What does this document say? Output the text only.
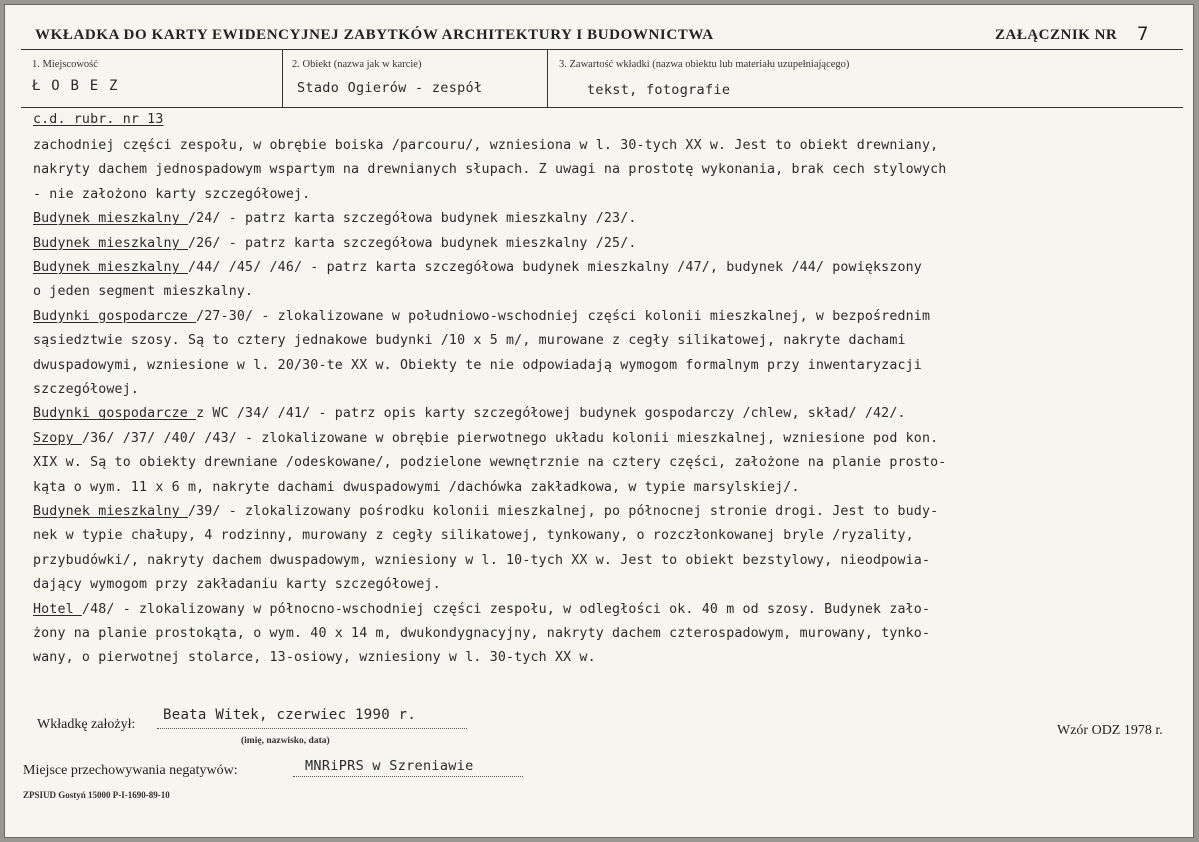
WKŁADKA DO KARTY EWIDENCYJNEJ ZABYTKÓW ARCHITEKTURY I BUDOWNICTWA	ZAŁĄCZNIK NR 7
1. Miejscowość
Ł O B E Z
2. Obiekt (nazwa jak w karcie)
Stado Ogierów - zespół
3. Zawartość wkładki (nazwa obiektu lub materiału uzupełniającego)
tekst, fotografie
c.d. rubr. nr 13
zachodniej części zespołu, w obrębie boiska /parcouru/, wzniesiona w l. 30-tych XX w. Jest to obiekt drewniany,
nakryty dachem jednospadowym wspartym na drewnianych słupach. Z uwagi na prostotę wykonania, brak cech stylowych
- nie założono karty szczegółowej.
Budynek mieszkalny /24/ - patrz karta szczegółowa budynek mieszkalny /23/.
Budynek mieszkalny /26/ - patrz karta szczegółowa budynek mieszkalny /25/.
Budynek mieszkalny /44/ /45/ /46/ - patrz karta szczegółowa budynek mieszkalny /47/, budynek /44/ powiększony
o jeden segment mieszkalny.
Budynki gospodarcze /27-30/ - zlokalizowane w południowo-wschodniej części kolonii mieszkalnej, w bezpośrednim
sąsiedztwie szosy. Są to cztery jednakowe budynki /10 x 5 m/, murowane z cegły silikatowej, nakryte dachami
dwuspadowymi, wzniesione w l. 20/30-te XX w. Obiekty te nie odpowiadają wymogom formalnym przy inwentaryzacji
szczegółowej.
Budynki gospodarcze z WC /34/ /41/ - patrz opis karty szczegółowej budynek gospodarczy /chlew, skład/ /42/.
Szopy /36/ /37/ /40/ /43/ - zlokalizowane w obrębie pierwotnego układu kolonii mieszkalnej, wzniesione pod kon.
XIX w. Są to obiekty drewniane /odeskowane/, podzielone wewnętrznie na cztery części, założone na planie prosto-
kąta o wym. 11 x 6 m, nakryte dachami dwuspadowymi /dachówka zakładkowa, w typie marsylskiej/.
Budynek mieszkalny /39/ - zlokalizowany pośrodku kolonii mieszkalnej, po północnej stronie drogi. Jest to budy-
nek w typie chałupy, 4 rodzinny, murowany z cegły silikatowej, tynkowany, o rozczłonkowanej bryle /ryzality,
przybudówki/, nakryty dachem dwuspadowym, wzniesiony w l. 10-tych XX w. Jest to obiekt bezstylowy, nieodpowia-
dający wymogom przy zakładaniu karty szczegółowej.
Hotel /48/ - zlokalizowany w północno-wschodniej części zespołu, w odległości ok. 40 m od szosy. Budynek zało-
żony na planie prostokąta, o wym. 40 x 14 m, dwukondygnacyjny, nakryty dachem czterospadowym, murowany, tynko-
wany, o pierwotnej stolarce, 13-osiowy, wzniesiony w l. 30-tych XX w.
Wkładkę założył:
Beata Witek, czerwiec 1990 r.
(imię, nazwisko, data)
Wzór ODZ 1978 r.
Miejsce przechowywania negatywów:	MNRiPRS w Szreniawie
ZPSIUD Gostyń 15000 P-I-1690-89-10
